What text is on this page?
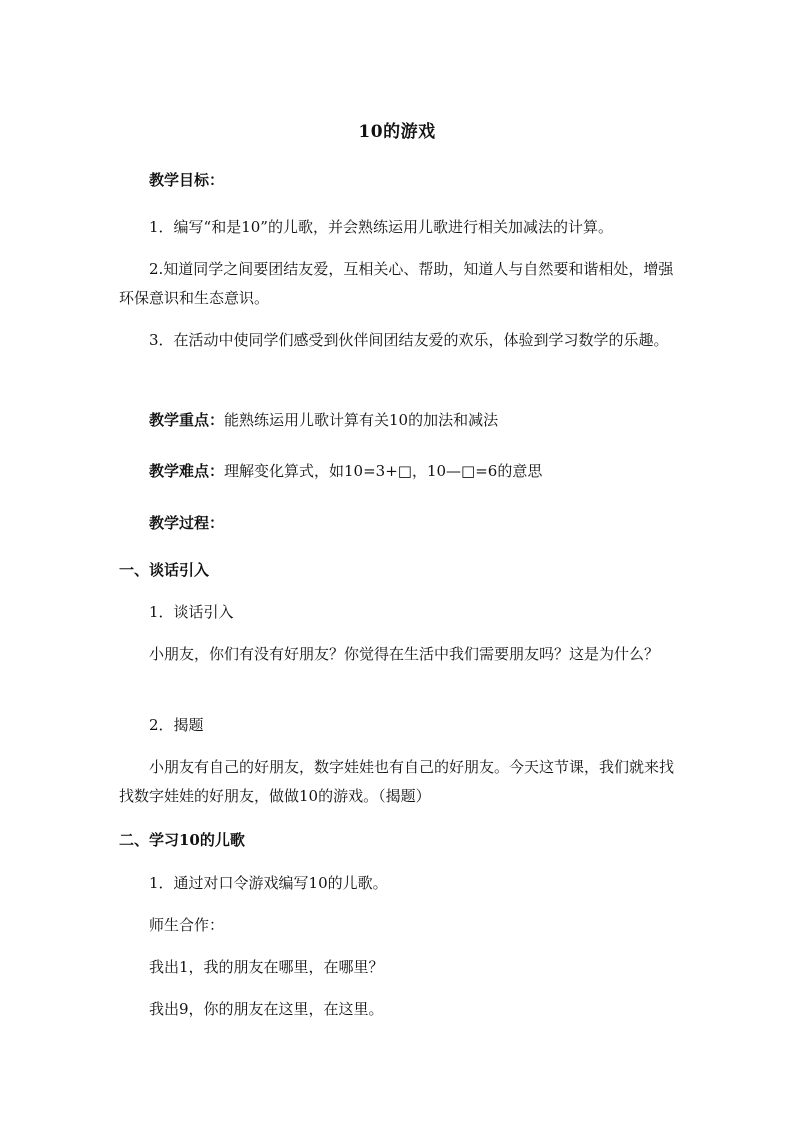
10的游戏
教学目标：
1．编写“和是10”的儿歌，并会熟练运用儿歌进行相关加减法的计算。
2.知道同学之间要团结友爱，互相关心、帮助，知道人与自然要和谐相处，增强环保意识和生态意识。
3．在活动中使同学们感受到伙伴间团结友爱的欢乐，体验到学习数学的乐趣。
教学重点：能熟练运用儿歌计算有关10的加法和减法
教学难点：理解变化算式，如10=3+□，10—□=6的意思
教学过程：
一、谈话引入
1．谈话引入
小朋友，你们有没有好朋友？你觉得在生活中我们需要朋友吗？这是为什么？
2．揭题
小朋友有自己的好朋友，数字娃娃也有自己的好朋友。今天这节课，我们就来找找数字娃娃的好朋友，做做10的游戏。（揭题）
二、学习10的儿歌
1．通过对口令游戏编写10的儿歌。
师生合作：
我出1，我的朋友在哪里，在哪里？
我出9，你的朋友在这里，在这里。
